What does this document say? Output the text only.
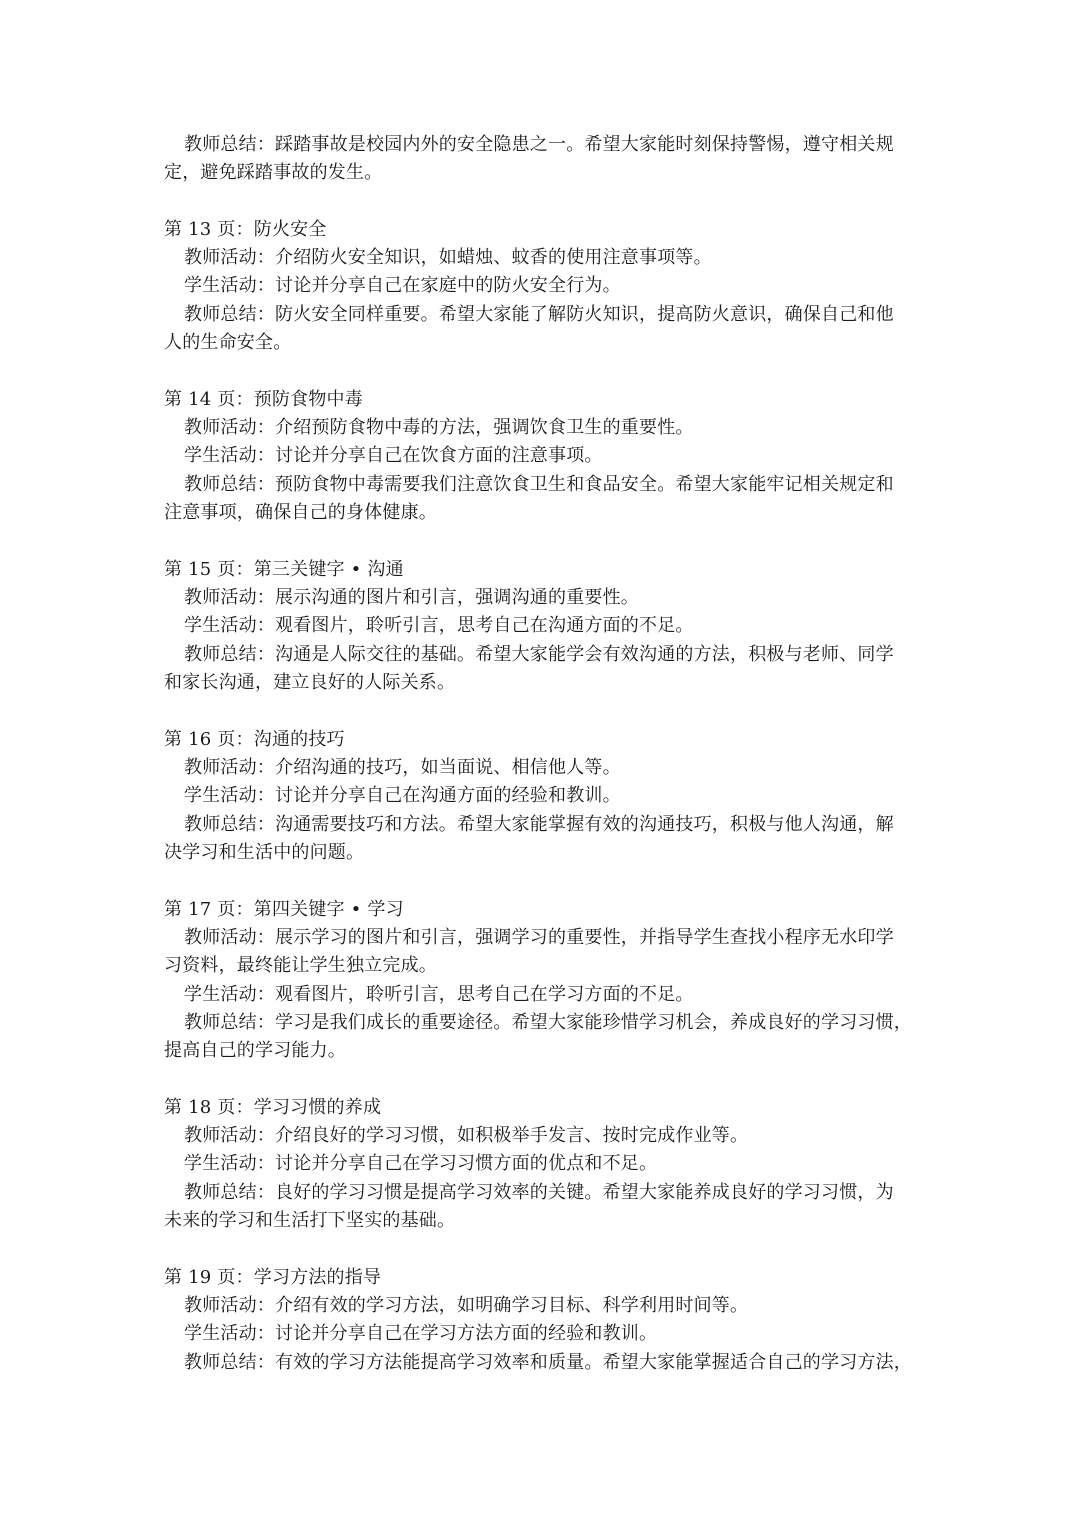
教师总结：踩踏事故是校园内外的安全隐患之一。希望大家能时刻保持警惕，遵守相关规
定，避免踩踏事故的发生。
第 13 页：防火安全
教师活动：介绍防火安全知识，如蜡烛、蚊香的使用注意事项等。
学生活动：讨论并分享自己在家庭中的防火安全行为。
教师总结：防火安全同样重要。希望大家能了解防火知识，提高防火意识，确保自己和他
人的生命安全。
第 14 页：预防食物中毒
教师活动：介绍预防食物中毒的方法，强调饮食卫生的重要性。
学生活动：讨论并分享自己在饮食方面的注意事项。
教师总结：预防食物中毒需要我们注意饮食卫生和食品安全。希望大家能牢记相关规定和
注意事项，确保自己的身体健康。
第 15 页：第三关键字 • 沟通
教师活动：展示沟通的图片和引言，强调沟通的重要性。
学生活动：观看图片，聆听引言，思考自己在沟通方面的不足。
教师总结：沟通是人际交往的基础。希望大家能学会有效沟通的方法，积极与老师、同学
和家长沟通，建立良好的人际关系。
第 16 页：沟通的技巧
教师活动：介绍沟通的技巧，如当面说、相信他人等。
学生活动：讨论并分享自己在沟通方面的经验和教训。
教师总结：沟通需要技巧和方法。希望大家能掌握有效的沟通技巧，积极与他人沟通，解
决学习和生活中的问题。
第 17 页：第四关键字 • 学习
教师活动：展示学习的图片和引言，强调学习的重要性，并指导学生查找小程序无水印学
习资料，最终能让学生独立完成。
学生活动：观看图片，聆听引言，思考自己在学习方面的不足。
教师总结：学习是我们成长的重要途径。希望大家能珍惜学习机会，养成良好的学习习惯，
提高自己的学习能力。
第 18 页：学习习惯的养成
教师活动：介绍良好的学习习惯，如积极举手发言、按时完成作业等。
学生活动：讨论并分享自己在学习习惯方面的优点和不足。
教师总结：良好的学习习惯是提高学习效率的关键。希望大家能养成良好的学习习惯，为
未来的学习和生活打下坚实的基础。
第 19 页：学习方法的指导
教师活动：介绍有效的学习方法，如明确学习目标、科学利用时间等。
学生活动：讨论并分享自己在学习方法方面的经验和教训。
教师总结：有效的学习方法能提高学习效率和质量。希望大家能掌握适合自己的学习方法，
